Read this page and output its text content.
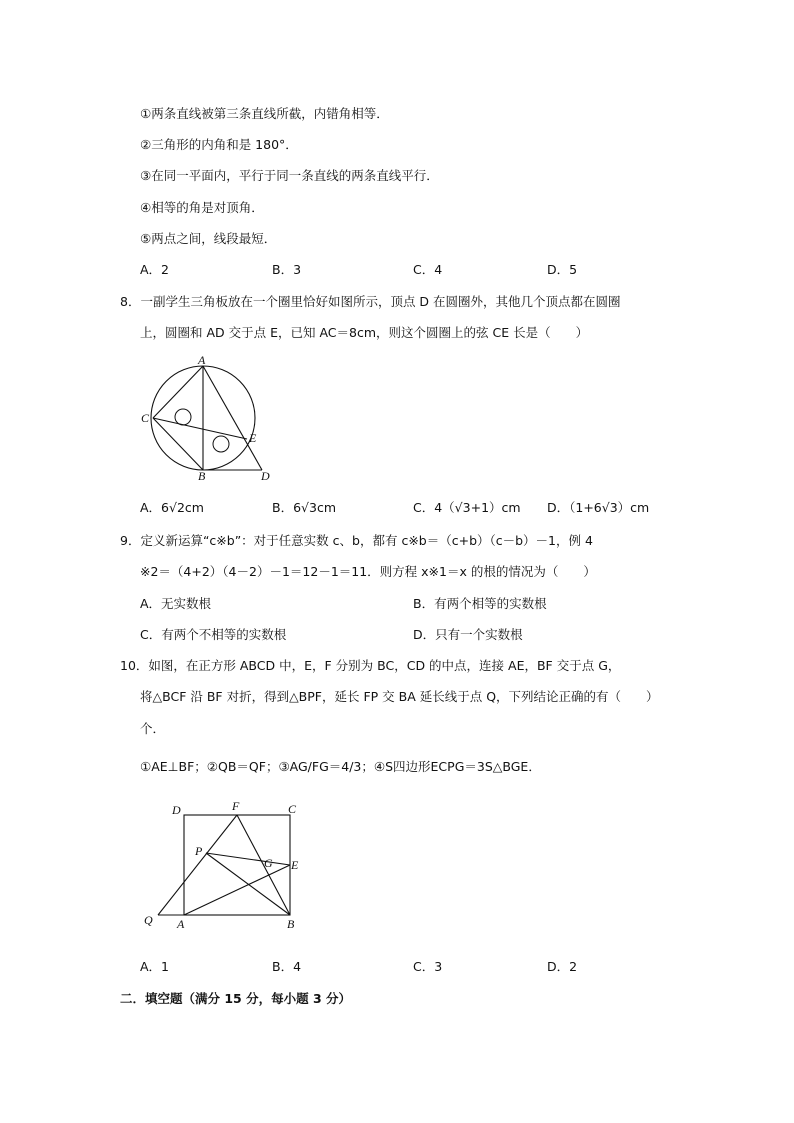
①两条直线被第三条直线所截，内错角相等．
②三角形的内角和是 180°．
③在同一平面内，平行于同一条直线的两条直线平行．
④相等的角是对顶角．
⑤两点之间，线段最短．
A．2	B．3	C．4	D．5
8．一副学生三角板放在一个圈里恰好如图所示，顶点 D 在圆圈外，其他几个顶点都在圆圈
上，圆圈和 AD 交于点 E，已知 AC＝8cm，则这个圆圈上的弦 CE 长是（　　）
A
C
E
B	D
A．6√2cm	B．6√3cm	C．4（√3+1）cm D．（1+6√3）cm
9．定义新运算“c※b”：对于任意实数 c、b，都有 c※b＝（c+b）（c－b）－1，例 4
※2＝（4+2）（4－2）－1＝12－1＝11．则方程 x※1＝x 的根的情况为（　　）
A．无实数根	B．有两个相等的实数根
C．有两个不相等的实数根	D．只有一个实数根
10．如图，在正方形 ABCD 中，E，F 分别为 BC，CD 的中点，连接 AE，BF 交于点 G，
将△BCF 沿 BF 对折，得到△BPF，延长 FP 交 BA 延长线于点 Q，下列结论正确的有（　　）
个．
①AE⊥BF；②QB＝QF；③AG/FG＝4/3；④S四边形ECPG＝3S△BGE．
D	F	C
P
G E
Q A	B
A．1	B．4	C．3	D．2
二．填空题（满分 15 分，每小题 3 分）
